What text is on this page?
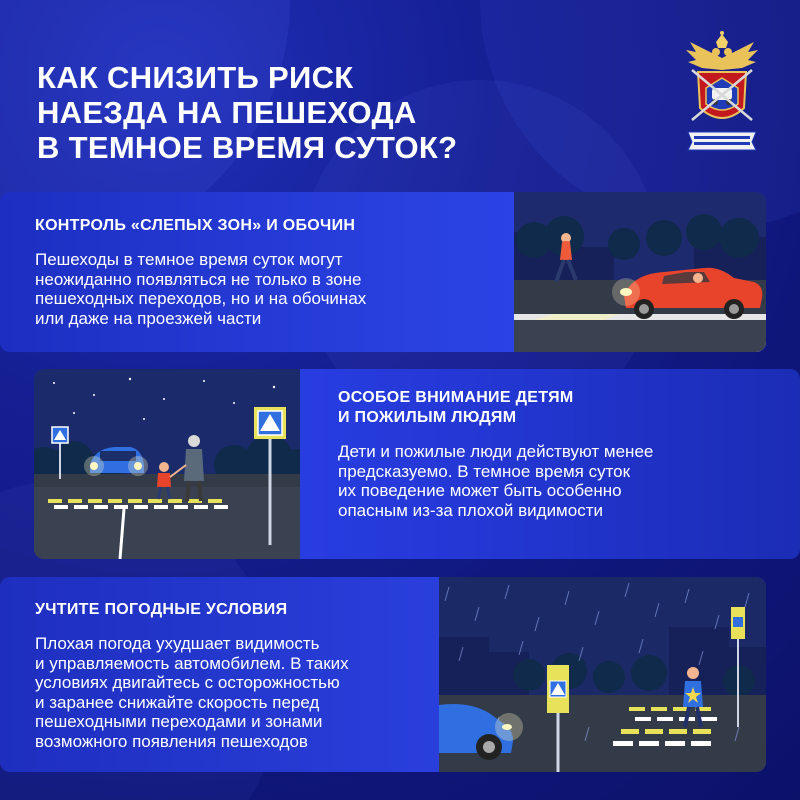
КАК СНИЗИТЬ РИСК
НАЕЗДА НА ПЕШЕХОДА
В ТЕМНОЕ ВРЕМЯ СУТОК?
КОНТРОЛЬ «СЛЕПЫХ ЗОН» И ОБОЧИН
Пешеходы в темное время суток могут
неожиданно появляться не только в зоне
пешеходных переходов, но и на обочинах
или даже на проезжей части
ОСОБОЕ ВНИМАНИЕ ДЕТЯМ
И ПОЖИЛЫМ ЛЮДЯМ
Дети и пожилые люди действуют менее
предсказуемо. В темное время суток
их поведение может быть особенно
опасным из-за плохой видимости
УЧТИТЕ ПОГОДНЫЕ УСЛОВИЯ
Плохая погода ухудшает видимость
и управляемость автомобилем. В таких
условиях двигайтесь с осторожностью
и заранее снижайте скорость перед
пешеходными переходами и зонами
возможного появления пешеходов
